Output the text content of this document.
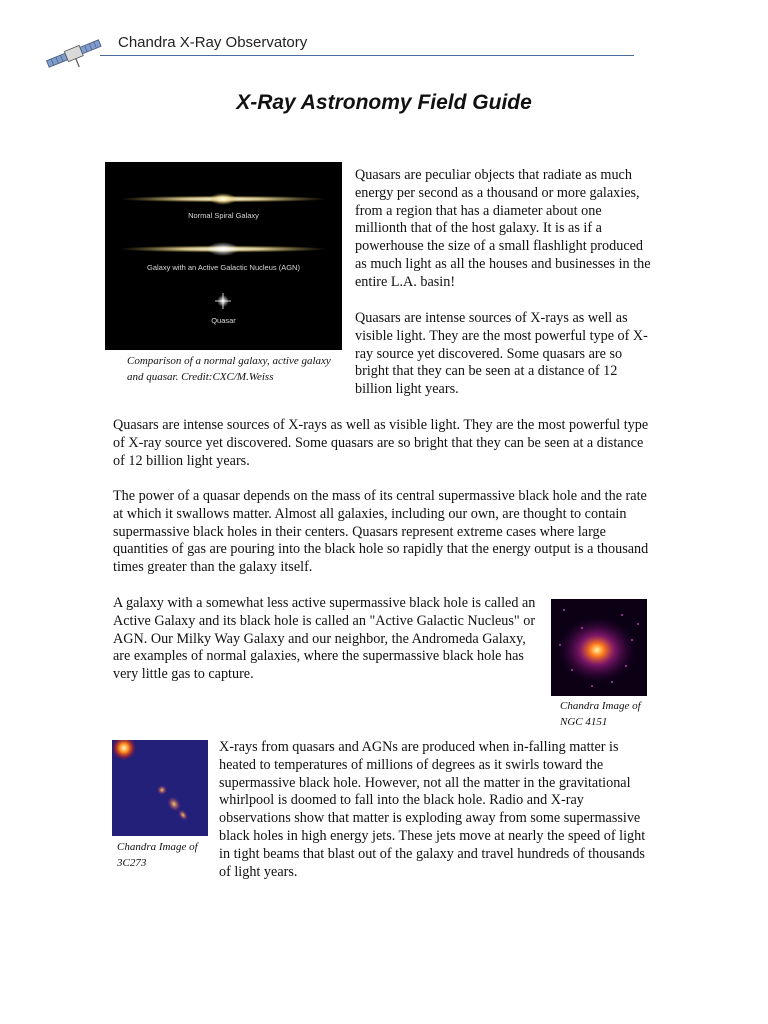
Chandra X-Ray Observatory
X-Ray Astronomy Field Guide
Normal Spiral Galaxy
Galaxy with an Active Galactic Nucleus (AGN)
Quasar

Comparison of a normal galaxy, active galaxy and quasar. Credit:CXC/M.Weiss

Quasars are peculiar objects that radiate as much energy per second as a thousand or more galaxies, from a region that has a diameter about one millionth that of the host galaxy. It is as if a powerhouse the size of a small flashlight produced as much light as all the houses and businesses in the entire L.A. basin!

Quasars are intense sources of X-rays as well as visible light. They are the most powerful type of X-ray source yet discovered. Some quasars are so bright that they can be seen at a distance of 12 billion light years.

Quasars are intense sources of X-rays as well as visible light. They are the most powerful type of X-ray source yet discovered. Some quasars are so bright that they can be seen at a distance of 12 billion light years.

The power of a quasar depends on the mass of its central supermassive black hole and the rate at which it swallows matter. Almost all galaxies, including our own, are thought to contain supermassive black holes in their centers. Quasars represent extreme cases where large quantities of gas are pouring into the black hole so rapidly that the energy output is a thousand times greater than the galaxy itself.

A galaxy with a somewhat less active supermassive black hole is called an Active Galaxy and its black hole is called an "Active Galactic Nucleus" or AGN. Our Milky Way Galaxy and our neighbor, the Andromeda Galaxy, are examples of normal galaxies, where the supermassive black hole has very little gas to capture.

Chandra Image of NGC 4151

Chandra Image of 3C273

X-rays from quasars and AGNs are produced when in-falling matter is heated to temperatures of millions of degrees as it swirls toward the supermassive black hole. However, not all the matter in the gravitational whirlpool is doomed to fall into the black hole. Radio and X-ray observations show that matter is exploding away from some supermassive black holes in high energy jets. These jets move at nearly the speed of light in tight beams that blast out of the galaxy and travel hundreds of thousands of light years.
